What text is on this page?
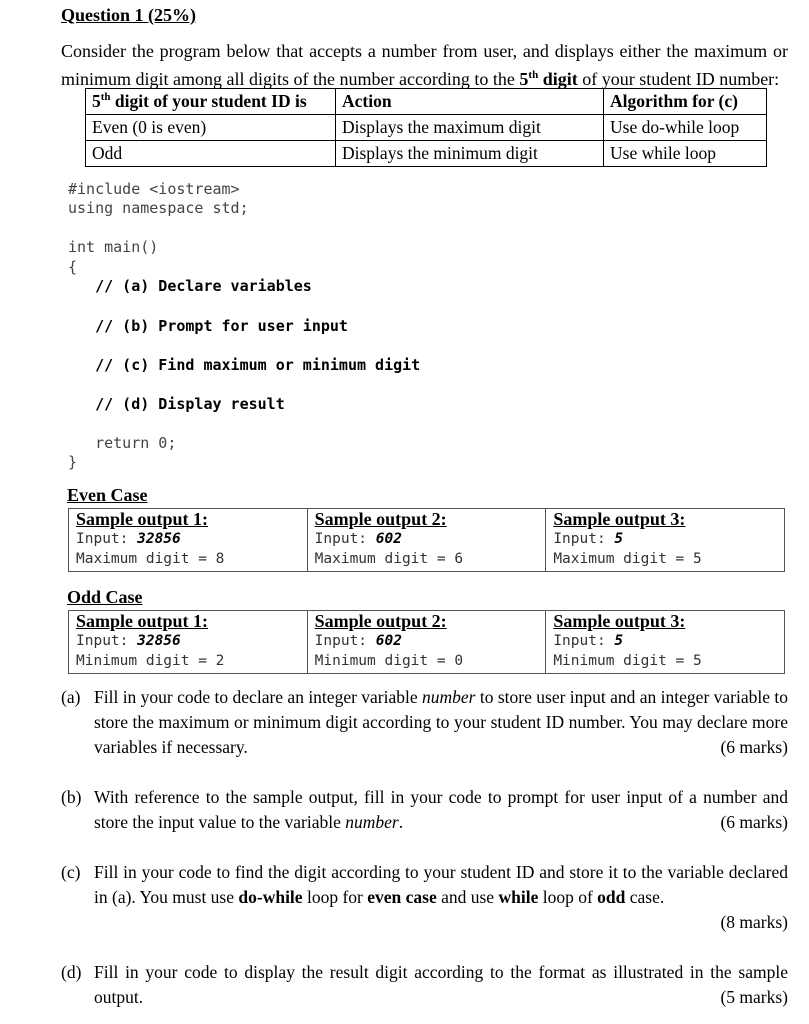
Question 1 (25%)
Consider the program below that accepts a number from user, and displays either the maximum or minimum digit among all digits of the number according to the 5th digit of your student ID number:
5th digit of your student ID is	Action	Algorithm for (c)
Even (0 is even)	Displays the maximum digit	Use do-while loop
Odd	Displays the minimum digit	Use while loop
#include <iostream>
using namespace std;
int main()
{
// (a) Declare variables
// (b) Prompt for user input
// (c) Find maximum or minimum digit
// (d) Display result
return 0;
}
Even Case
Sample output 1:
Input: 32856
Maximum digit = 8

Sample output 2:
Input: 602
Maximum digit = 6

Sample output 3:
Input: 5
Maximum digit = 5
Odd Case
Sample output 1:
Input: 32856
Minimum digit = 2

Sample output 2:
Input: 602
Minimum digit = 0

Sample output 3:
Input: 5
Minimum digit = 5
(a) Fill in your code to declare an integer variable number to store user input and an integer variable to store the maximum or minimum digit according to your student ID number. You may declare more variables if necessary.	(6 marks)
(b) With reference to the sample output, fill in your code to prompt for user input of a number and store the input value to the variable number.	(6 marks)
(c) Fill in your code to find the digit according to your student ID and store it to the variable declared in (a). You must use do-while loop for even case and use while loop of odd case.
(8 marks)
(d) Fill in your code to display the result digit according to the format as illustrated in the sample output.	(5 marks)
